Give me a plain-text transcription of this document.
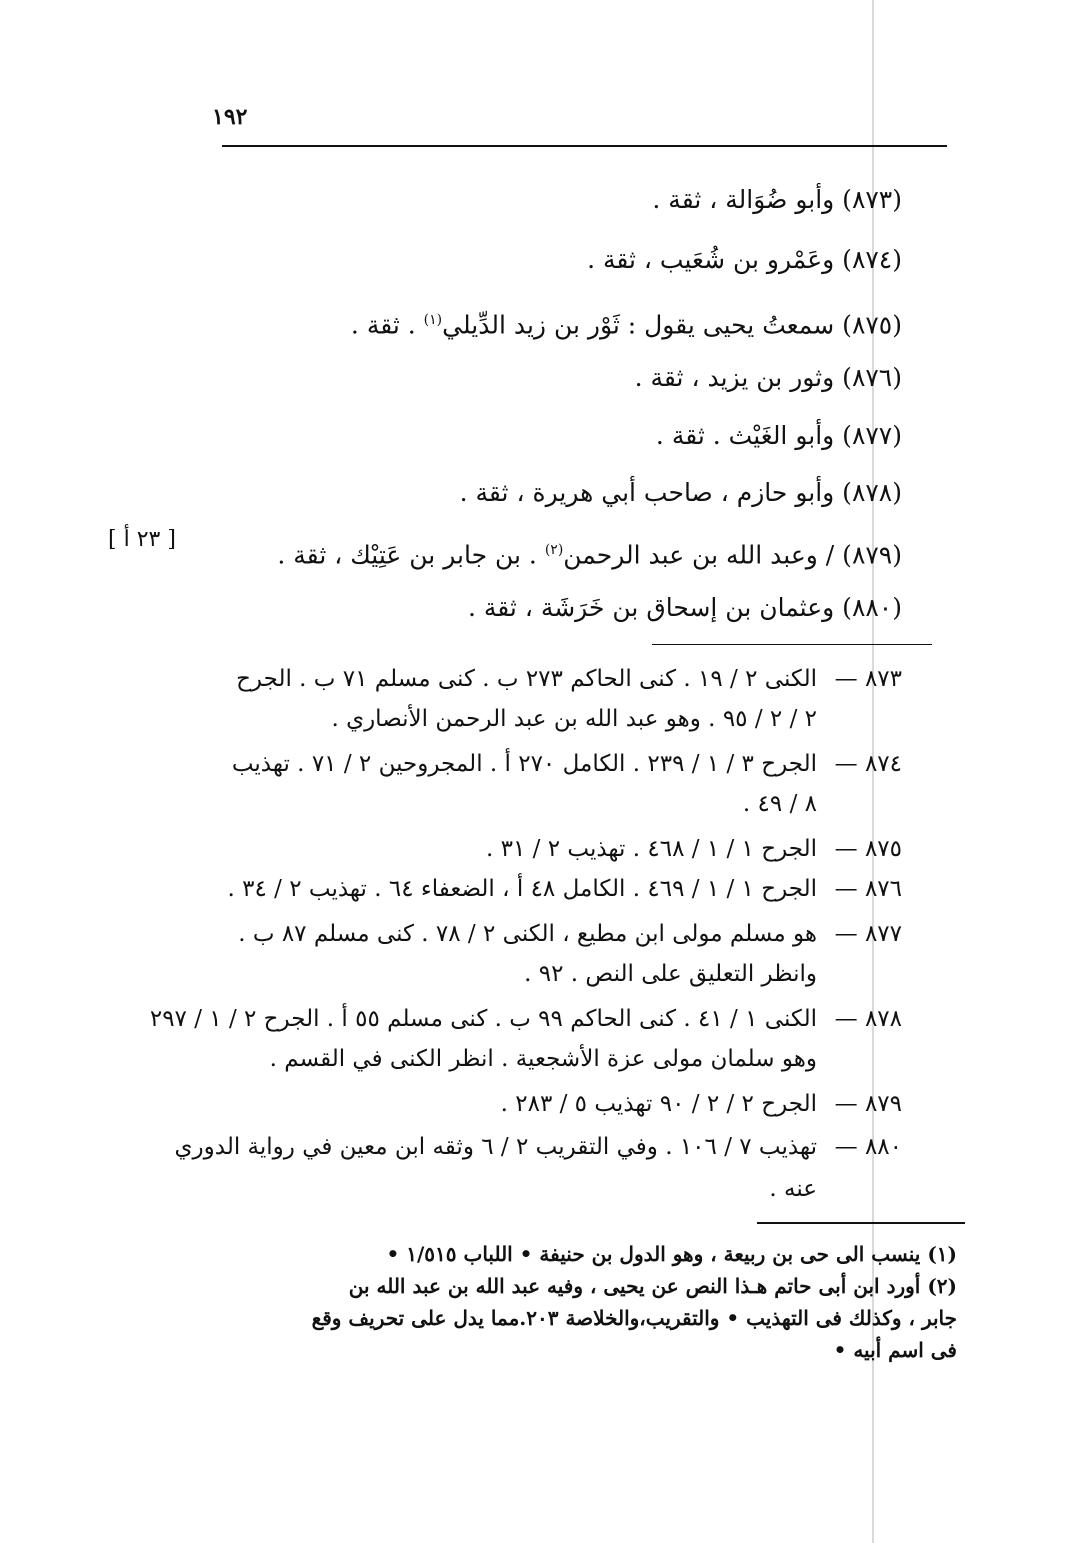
١٩٢
(٨٧٣) وأبو ضُوَالة ، ثقة .
(٨٧٤) وعَمْرو بن شُعَيب ، ثقة .
(٨٧٥) سمعتُ يحيى يقول : ثَوْر بن زيد الدِّيلي$^{(١)}$ . ثقة .
(٨٧٦) وثور بن يزيد ، ثقة .
(٨٧٧) وأبو الغَيْث . ثقة .
(٨٧٨) وأبو حازم ، صاحب أبي هريرة ، ثقة .
(٨٧٩) / وعبد الله بن عبد الرحمن$^{(٢)}$ . بن جابر بن عَتِيْك ، ثقة .
[ ٢٣ أ ]
(٨٨٠) وعثمان بن إسحاق بن خَرَشَة ، ثقة .
٨٧٣ —
الكنى ٢ / ١٩ . كنى الحاكم ٢٧٣ ب . كنى مسلم ٧١ ب . الجرح
٢ / ٢ / ٩٥ . وهو عبد الله بن عبد الرحمن الأنصاري .
٨٧٤ —
الجرح ٣ / ١ / ٢٣٩ . الكامل ٢٧٠ أ . المجروحين ٢ / ٧١ . تهذيب
٨ / ٤٩ .
٨٧٥ —
الجرح ١ / ١ / ٤٦٨ . تهذيب ٢ / ٣١ .
٨٧٦ —
الجرح ١ / ١ / ٤٦٩ . الكامل ٤٨ أ ، الضعفاء ٦٤ . تهذيب ٢ / ٣٤ .
٨٧٧ —
هو مسلم مولى ابن مطيع ، الكنى ٢ / ٧٨ . كنى مسلم ٨٧ ب .
وانظر التعليق على النص . ٩٢ .
٨٧٨ —
الكنى ١ / ٤١ . كنى الحاكم ٩٩ ب . كنى مسلم ٥٥ أ . الجرح ٢ / ١ / ٢٩٧
وهو سلمان مولى عزة الأشجعية . انظر الكنى في القسم .
٨٧٩ —
الجرح ٢ / ٢ / ٩٠ تهذيب ٥ / ٢٨٣ .
٨٨٠ —
تهذيب ٧ / ١٠٦ . وفي التقريب ٢ / ٦ وثقه ابن معين في رواية الدوري
عنه .
(١) ينسب الى حى بن ربيعة ، وهو الدول بن حنيفة • اللباب ١/٥١٥ •
(٢) أورد ابن أبى حاتم هـذا النص عن يحيى ، وفيه عبد الله بن عبد الله بن
جابر ، وكذلك فى التهذيب • والتقريب،والخلاصة ٢٠٣.مما يدل على تحريف وقع
فى اسم أبيه •
